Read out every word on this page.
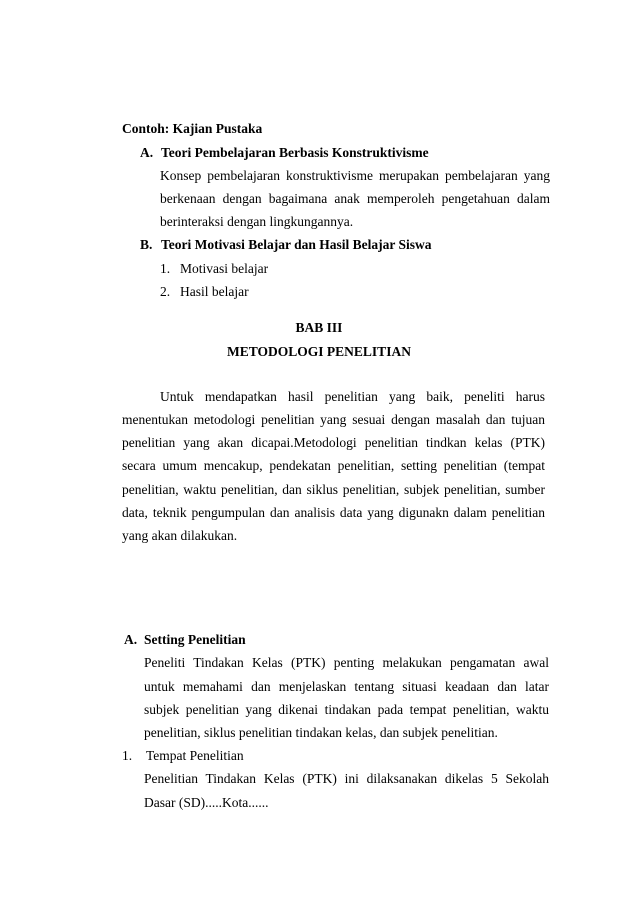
Contoh: Kajian Pustaka
A. Teori Pembelajaran Berbasis Konstruktivisme
Konsep pembelajaran konstruktivisme merupakan pembelajaran yang
berkenaan dengan bagaimana anak memperoleh pengetahuan dalam
berinteraksi dengan lingkungannya.
B. Teori Motivasi Belajar dan Hasil Belajar Siswa
1. Motivasi belajar
2. Hasil belajar
BAB III
METODOLOGI PENELITIAN
Untuk mendapatkan hasil penelitian yang baik, peneliti harus
menentukan metodologi penelitian yang sesuai dengan masalah dan tujuan
penelitian yang akan dicapai.Metodologi penelitian tindkan kelas (PTK)
secara umum mencakup, pendekatan penelitian, setting penelitian (tempat
penelitian, waktu penelitian, dan siklus penelitian, subjek penelitian, sumber
data, teknik pengumpulan dan analisis data yang digunakn dalam penelitian
yang akan dilakukan.
A. Setting Penelitian
Peneliti Tindakan Kelas (PTK) penting melakukan pengamatan awal
untuk memahami dan menjelaskan tentang situasi keadaan dan latar
subjek penelitian yang dikenai tindakan pada tempat penelitian, waktu
penelitian, siklus penelitian tindakan kelas, dan subjek penelitian.
1. Tempat Penelitian
Penelitian Tindakan Kelas (PTK) ini dilaksanakan dikelas 5 Sekolah
Dasar (SD).....Kota......
